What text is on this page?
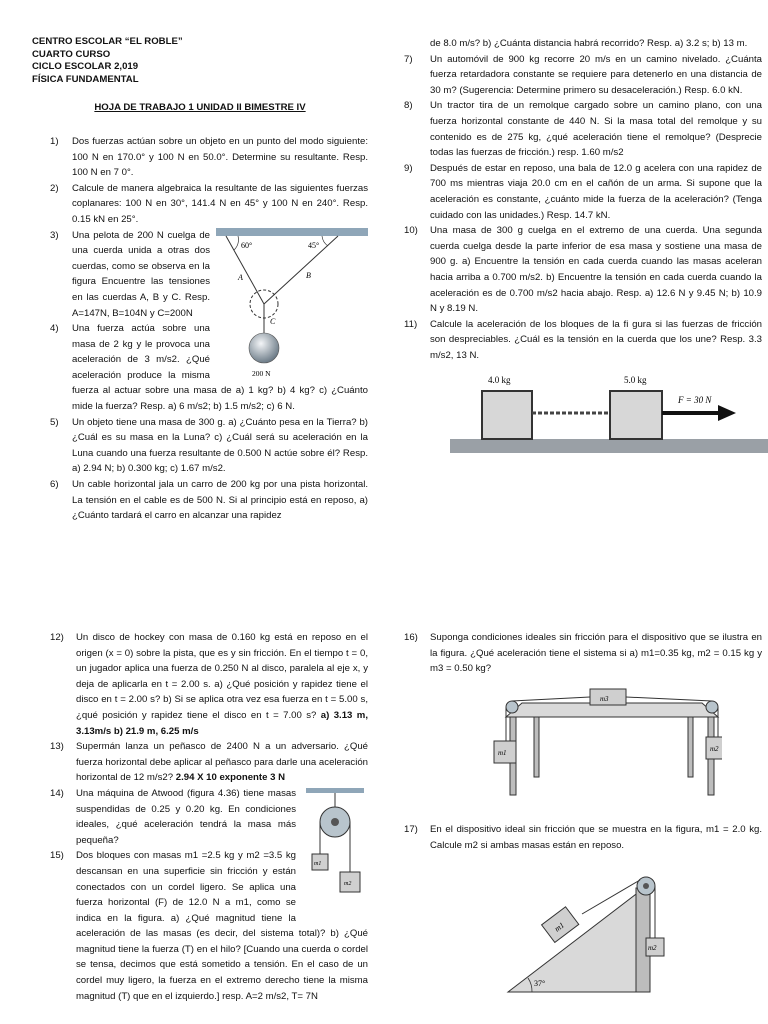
CENTRO ESCOLAR “EL ROBLE”
CUARTO CURSO
CICLO ESCOLAR 2,019
FÍSICA FUNDAMENTAL
HOJA DE TRABAJO 1 UNIDAD II BIMESTRE IV
1) Dos fuerzas actúan sobre un objeto en un punto del modo siguiente: 100 N en 170.0° y 100 N en 50.0°. Determine su resultante. Resp. 100 N en 7 0°.
2) Calcule de manera algebraica la resultante de las siguientes fuerzas coplanares: 100 N en 30°, 141.4 N en 45° y 100 N en 240°. Resp. 0.15 kN en 25°.
3)
60°	45°
A	B
C
200 N
Una pelota de 200 N cuelga de una cuerda unida a otras dos cuerdas, como se observa en la figura Encuentre las tensiones en las cuerdas A, B y C. Resp. A=147N, B=104N y C=200N
4) Una fuerza actúa sobre una masa de 2 kg y le provoca una aceleración de 3 m/s2. ¿Qué aceleración produce la misma fuerza al actuar sobre una masa de a) 1 kg? b) 4 kg? c) ¿Cuánto mide la fuerza? Resp. a) 6 m/s2; b) 1.5 m/s2; c) 6 N.
5) Un objeto tiene una masa de 300 g. a) ¿Cuánto pesa en la Tierra? b) ¿Cuál es su masa en la Luna? c) ¿Cuál será su aceleración en la Luna cuando una fuerza resultante de 0.500 N actúe sobre él? Resp. a) 2.94 N; b) 0.300 kg; c) 1.67 m/s2.
6) Un cable horizontal jala un carro de 200 kg por una pista horizontal. La tensión en el cable es de 500 N. Si al principio está en reposo, a) ¿Cuánto tardará el carro en alcanzar una rapidez
de 8.0 m/s? b) ¿Cuánta distancia habrá recorrido? Resp. a) 3.2 s; b) 13 m.
7) Un automóvil de 900 kg recorre 20 m/s en un camino nivelado. ¿Cuánta fuerza retardadora constante se requiere para detenerlo en una distancia de 30 m? (Sugerencia: Determine primero su desaceleración.) Resp. 6.0 kN.
8) Un tractor tira de un remolque cargado sobre un camino plano, con una fuerza horizontal constante de 440 N. Si la masa total del remolque y su contenido es de 275 kg, ¿qué aceleración tiene el remolque? (Desprecie todas las fuerzas de fricción.) resp. 1.60 m/s2
9) Después de estar en reposo, una bala de 12.0 g acelera con una rapidez de 700 ms mientras viaja 20.0 cm en el cañón de un arma. Si supone que la aceleración es constante, ¿cuánto mide la fuerza de la aceleración? (Tenga cuidado con las unidades.) Resp. 14.7 kN.
10) Una masa de 300 g cuelga en el extremo de una cuerda. Una segunda cuerda cuelga desde la parte inferior de esa masa y sostiene una masa de 900 g. a) Encuentre la tensión en cada cuerda cuando las masas aceleran hacia arriba a 0.700 m/s2. b) Encuentre la tensión en cada cuerda cuando la aceleración es de 0.700 m/s2 hacia abajo. Resp. a) 12.6 N y 9.45 N; b) 10.9 N y 8.19 N.
11) Calcule la aceleración de los bloques de la fi gura si las fuerzas de fricción son despreciables. ¿Cuál es la tensión en la cuerda que los une? Resp. 3.3 m/s2, 13 N.
4.0 kg	5.0 kg
F = 30 N
12) Un disco de hockey con masa de 0.160 kg está en reposo en el origen (x = 0) sobre la pista, que es y sin fricción. En el tiempo t = 0, un jugador aplica una fuerza de 0.250 N al disco, paralela al eje x, y deja de aplicarla en t = 2.00 s. a) ¿Qué posición y rapidez tiene el disco en t = 2.00 s? b) Si se aplica otra vez esa fuerza en t = 5.00 s, ¿qué posición y rapidez tiene el disco en t = 7.00 s? a) 3.13 m, 3.13m/s b) 21.9 m, 6.25 m/s
13) Supermán lanza un peñasco de 2400 N a un adversario. ¿Qué fuerza horizontal debe aplicar al peñasco para darle una aceleración horizontal de 12 m/s2? 2.94 X 10 exponente 3 N
14)
m1
m2
Una máquina de Atwood (figura 4.36) tiene masas suspendidas de 0.25 y 0.20 kg. En condiciones ideales, ¿qué aceleración tendrá la masa más pequeña?
15) Dos bloques con masas m1 =2.5 kg y m2 =3.5 kg descansan en una superficie sin fricción y están conectados con un cordel ligero. Se aplica una fuerza horizontal (F) de 12.0 N a m1, como se indica en la figura. a) ¿Qué magnitud tiene la aceleración de las masas (es decir, del sistema total)? b) ¿Qué magnitud tiene la fuerza (T) en el hilo? [Cuando una cuerda o cordel se tensa, decimos que está sometido a tensión. En el caso de un cordel muy ligero, la fuerza en el extremo derecho tiene la misma magnitud (T) que en el izquierdo.] resp. A=2 m/s2, T= 7N
16) Suponga condiciones ideales sin fricción para el dispositivo que se ilustra en la figura. ¿Qué aceleración tiene el sistema si a) m1=0.35 kg, m2 = 0.15 kg y m3 = 0.50 kg?
m3
m1	m2
17) En el dispositivo ideal sin fricción que se muestra en la figura, m1 = 2.0 kg. Calcule m2 si ambas masas están en reposo.
m1
m2
37°
